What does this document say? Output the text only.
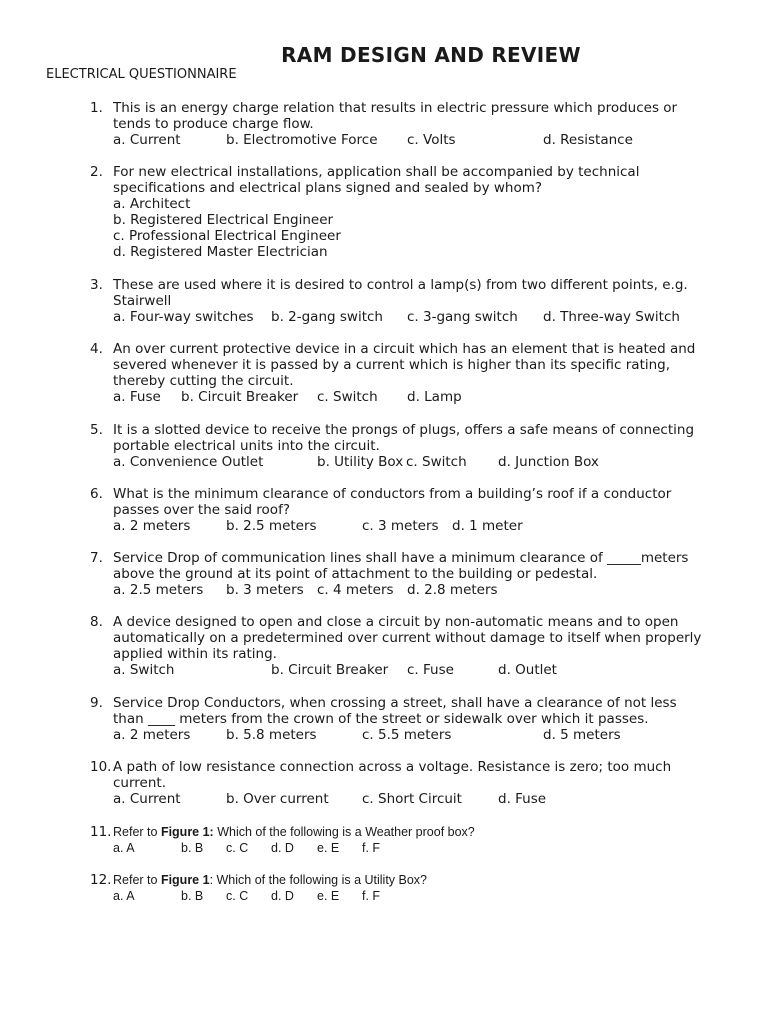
RAM DESIGN AND REVIEW
ELECTRICAL QUESTIONNAIRE
1. This is an energy charge relation that results in electric pressure which produces or
tends to produce charge flow.
a. Current	b. Electromotive Force c. Volts	d. Resistance
2. For new electrical installations, application shall be accompanied by technical
specifications and electrical plans signed and sealed by whom?
a. Architect
b. Registered Electrical Engineer
c. Professional Electrical Engineer
d. Registered Master Electrician
3. These are used where it is desired to control a lamp(s) from two different points, e.g.
Stairwell
a. Four-way switches b. 2-gang switch c. 3-gang switch d. Three-way Switch
4. An over current protective device in a circuit which has an element that is heated and
severed whenever it is passed by a current which is higher than its specific rating,
thereby cutting the circuit.
a. Fuse b. Circuit Breaker c. Switch d. Lamp
5. It is a slotted device to receive the prongs of plugs, offers a safe means of connecting
portable electrical units into the circuit.
a. Convenience Outlet	b. Utility Box c. Switch d. Junction Box
6. What is the minimum clearance of conductors from a building’s roof if a conductor
passes over the said roof?
a. 2 meters	b. 2.5 meters	c. 3 meters d. 1 meter
7. Service Drop of communication lines shall have a minimum clearance of _____meters
above the ground at its point of attachment to the building or pedestal.
a. 2.5 meters b. 3 meters c. 4 meters d. 2.8 meters
8. A device designed to open and close a circuit by non-automatic means and to open
automatically on a predetermined over current without damage to itself when properly
applied within its rating.
a. Switch	b. Circuit Breaker c. Fuse	d. Outlet
9. Service Drop Conductors, when crossing a street, shall have a clearance of not less
than ____ meters from the crown of the street or sidewalk over which it passes.
a. 2 meters	b. 5.8 meters	c. 5.5 meters	d. 5 meters
10. A path of low resistance connection across a voltage. Resistance is zero; too much
current.
a. Current	b. Over current c. Short Circuit	d. Fuse
11. Refer to Figure 1: Which of the following is a Weather proof box?
a. A	b. B c. C d. D e. E f. F
12. Refer to Figure 1: Which of the following is a Utility Box?
a. A	b. B c. C d. D e. E f. F
